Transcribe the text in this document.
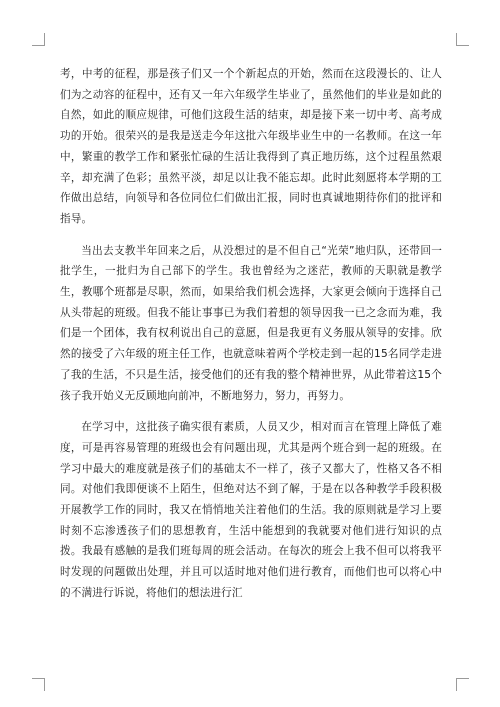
考，中考的征程，那是孩子们又一个个新起点的开始，然而在这段漫长的、让人们为之动容的征程中，还有又一年六年级学生毕业了，虽然他们的毕业是如此的自然，如此的顺应规律，可他们这段生活的结束，却是接下来一切中考、高考成功的开始。很荣兴的是我是送走今年这批六年级毕业生中的一名教师。在这一年中，繁重的教学工作和紧张忙碌的生活让我得到了真正地历练，这个过程虽然艰辛，却充满了色彩；虽然平淡，却足以让我不能忘却。此时此刻愿将本学期的工作做出总结，向领导和各位同位仁们做出汇报，同时也真诚地期待你们的批评和指导。

当出去支教半年回来之后，从没想过的是不但自己“光荣”地归队，还带回一批学生，一批归为自己部下的学生。我也曾经为之迷茫，教师的天职就是教学生，教哪个班都是尽职，然而，如果给我们机会选择，大家更会倾向于选择自己从头带起的班级。但我不能让事事已为我们着想的领导因我一已之念而为难，我们是一个团体，我有权利说出自己的意愿，但是我更有义务服从领导的安排。欣然的接受了六年级的班主任工作，也就意味着两个学校走到一起的15名同学走进了我的生活，不只是生活，接受他们的还有我的整个精神世界，从此带着这15个孩子我开始义无反顾地向前冲，不断地努力，努力，再努力。

在学习中，这批孩子确实很有素质，人员又少，相对而言在管理上降低了难度，可是再容易管理的班级也会有问题出现，尤其是两个班合到一起的班级。在学习中最大的难度就是孩子们的基础太不一样了，孩子又都大了，性格又各不相同。对他们我即便谈不上陌生，但绝对达不到了解，于是在以各种教学手段积极开展教学工作的同时，我又在悄悄地关注着他们的生活。我的原则就是学习上要时刻不忘渗透孩子们的思想教育，生活中能想到的我就要对他们进行知识的点拨。我最有感触的是我们班每周的班会活动。在每次的班会上我不但可以将我平时发现的问题做出处理，并且可以适时地对他们进行教育，而他们也可以将心中的不满进行诉说，将他们的想法进行汇
